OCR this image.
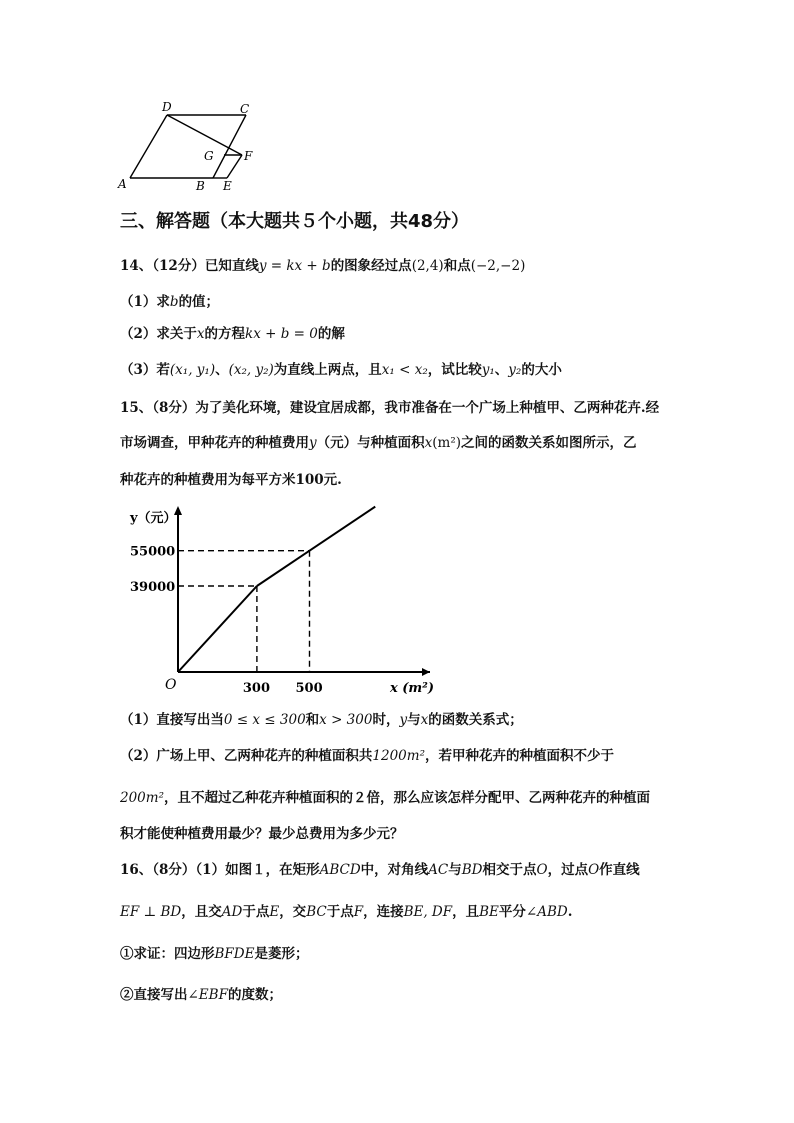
A	B E
D	C
G	F
三、解答题（本大题共５个小题，共48分）
14、（12分）已知直线y = kx + b的图象经过点(2,4)和点(−2,−2)
（1）求b的值；
（2）求关于x的方程kx + b = 0的解
（3）若(x₁, y₁)、(x₂, y₂)为直线上两点，且x₁ < x₂，试比较y₁、y₂的大小
15、（8分）为了美化环境，建设宜居成都，我市准备在一个广场上种植甲、乙两种花卉.经
市场调查，甲种花卉的种植费用y（元）与种植面积x(m²)之间的函数关系如图所示，乙
种花卉的种植费用为每平方米100元.
300 500
39000
55000
y（元）
x (m²)
O
（1）直接写出当0 ≤ x ≤ 300和x > 300时，y与x的函数关系式；
（2）广场上甲、乙两种花卉的种植面积共1200m²，若甲种花卉的种植面积不少于
200m²，且不超过乙种花卉种植面积的２倍，那么应该怎样分配甲、乙两种花卉的种植面
积才能使种植费用最少？最少总费用为多少元？
16、（8分）（1）如图１，在矩形ABCD中，对角线AC与BD相交于点O，过点O作直线
EF ⊥ BD，且交AD于点E，交BC于点F，连接BE, DF，且BE平分∠ABD.
①求证：四边形BFDE是菱形；
②直接写出∠EBF的度数；
